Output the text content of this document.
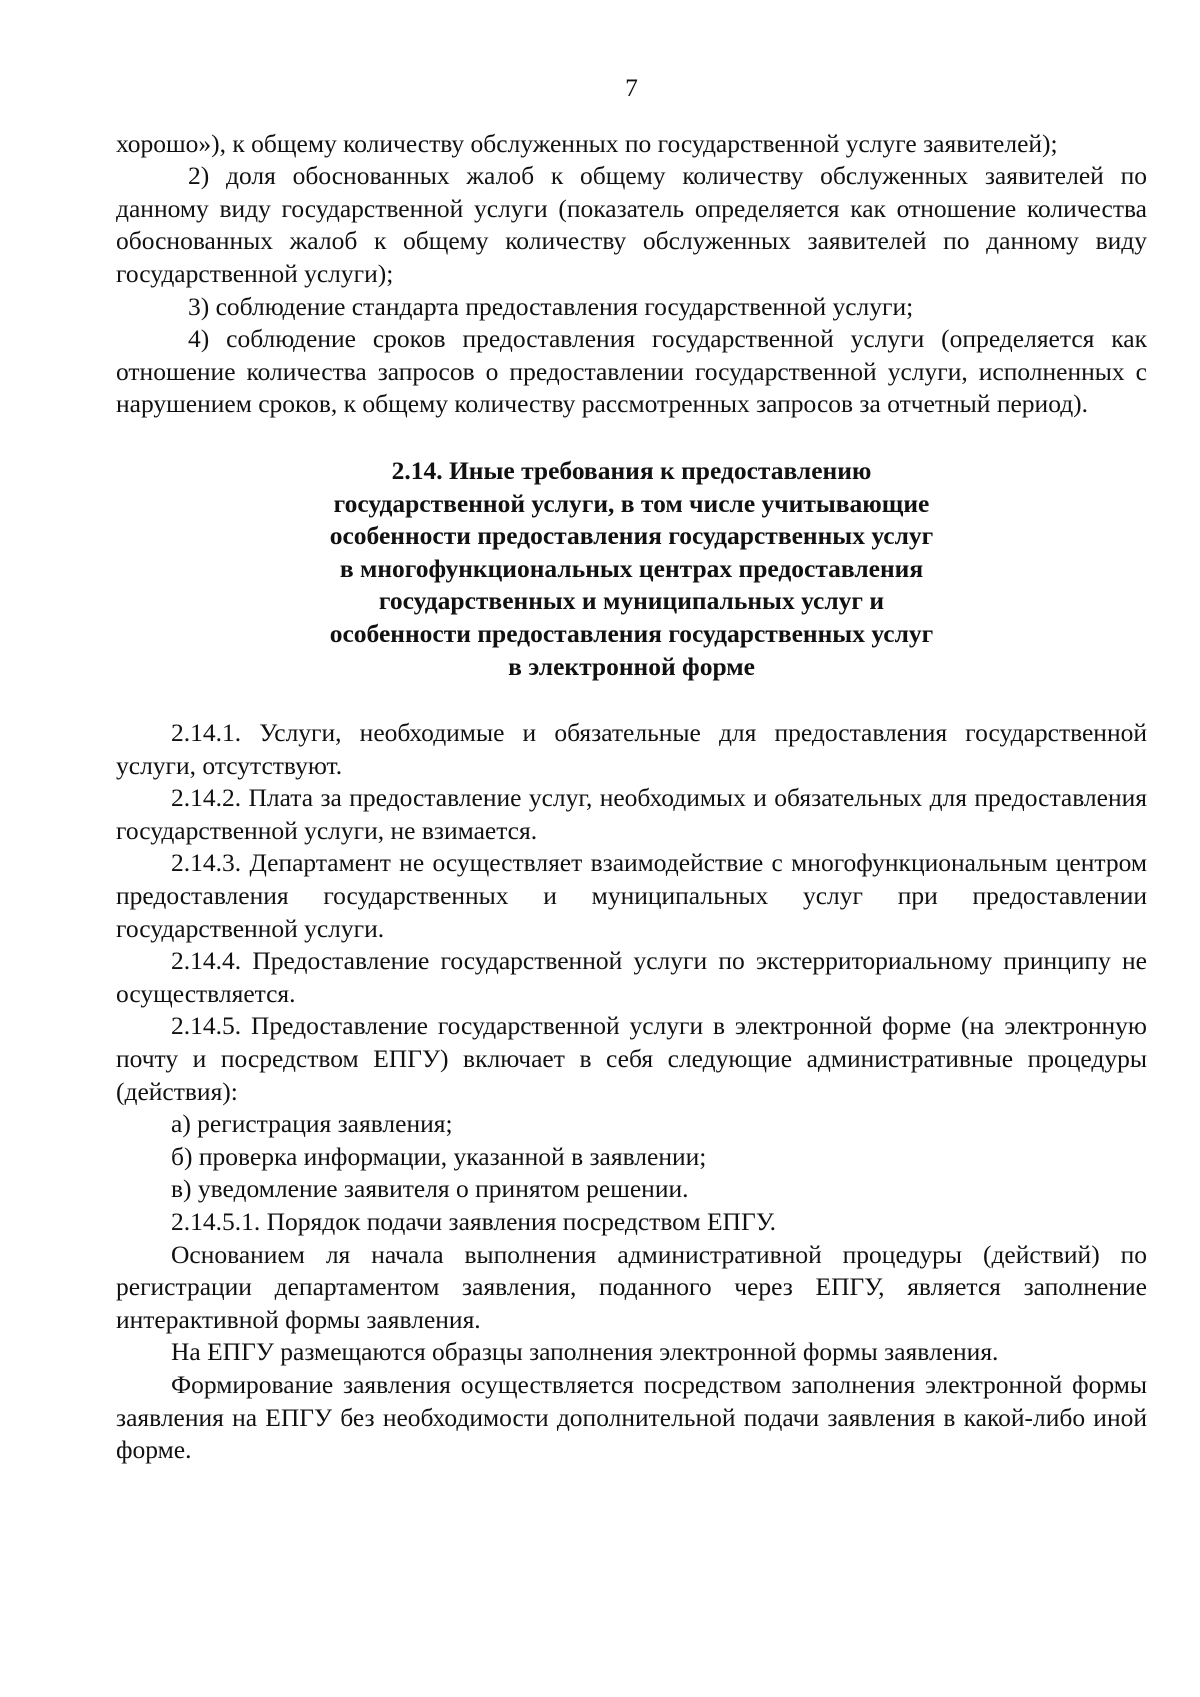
7

хорошо»), к общему количеству обслуженных по государственной услуге заявителей);

2) доля обоснованных жалоб к общему количеству обслуженных заявителей по данному виду государственной услуги (показатель определяется как отношение количества обоснованных жалоб к общему количеству обслуженных заявителей по данному виду государственной услуги);

3) соблюдение стандарта предоставления государственной услуги;

4) соблюдение сроков предоставления государственной услуги (определяется как отношение количества запросов о предоставлении государственной услуги, исполненных с нарушением сроков, к общему количеству рассмотренных запросов за отчетный период).

2.14. Иные требования к предоставлению
государственной услуги, в том числе учитывающие
особенности предоставления государственных услуг
в многофункциональных центрах предоставления
государственных и муниципальных услуг и
особенности предоставления государственных услуг
в электронной форме

2.14.1. Услуги, необходимые и обязательные для предоставления государственной услуги, отсутствуют.

2.14.2. Плата за предоставление услуг, необходимых и обязательных для предоставления государственной услуги, не взимается.

2.14.3. Департамент не осуществляет взаимодействие с многофункциональным центром предоставления государственных и муниципальных услуг при предоставлении государственной услуги.

2.14.4. Предоставление государственной услуги по экстерриториальному принципу не осуществляется.

2.14.5. Предоставление государственной услуги в электронной форме (на электронную почту и посредством ЕПГУ) включает в себя следующие административные процедуры (действия):

а) регистрация заявления;

б) проверка информации, указанной в заявлении;

в) уведомление заявителя о принятом решении.

2.14.5.1. Порядок подачи заявления посредством ЕПГУ.

Основанием ля начала выполнения административной процедуры (действий) по регистрации департаментом заявления, поданного через ЕПГУ, является заполнение интерактивной формы заявления.

На ЕПГУ размещаются образцы заполнения электронной формы заявления.

Формирование заявления осуществляется посредством заполнения электронной формы заявления на ЕПГУ без необходимости дополнительной подачи заявления в какой-либо иной форме.
